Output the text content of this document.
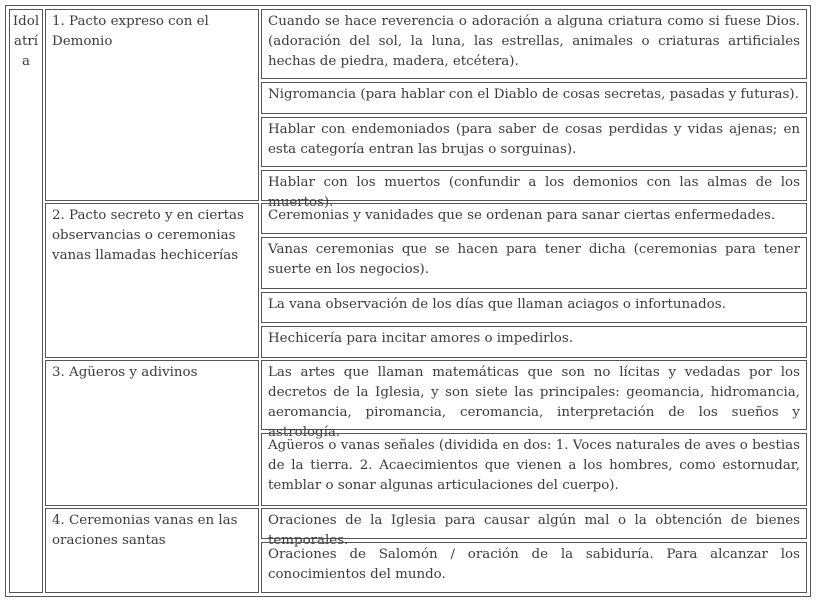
Idolatría
1. Pacto expreso con el Demonio
2. Pacto secreto y en ciertas observancias o ceremonias vanas llamadas hechicerías
3. Agüeros y adivinos
4. Ceremonias vanas en las oraciones santas
Cuando se hace reverencia o adoración a alguna criatura como si fuese Dios. (adoración del sol, la luna, las estrellas, animales o criaturas artificiales hechas de piedra, madera, etcétera).
Nigromancia (para hablar con el Diablo de cosas secretas, pasadas y futuras).
Hablar con endemoniados (para saber de cosas perdidas y vidas ajenas; en esta categoría entran las brujas o sorguinas).
Hablar con los muertos (confundir a los demonios con las almas de los muertos).
Ceremonias y vanidades que se ordenan para sanar ciertas enfermedades.
Vanas ceremonias que se hacen para tener dicha (ceremonias para tener suerte en los negocios).
La vana observación de los días que llaman aciagos o infortunados.
Hechicería para incitar amores o impedirlos.
Las artes que llaman matemáticas que son no lícitas y vedadas por los decretos de la Iglesia, y son siete las principales: geomancia, hidromancia, aeromancia, piromancia, ceromancia, interpretación de los sueños y astrología.
Agüeros o vanas señales (dividida en dos: 1. Voces naturales de aves o bestias de la tierra. 2. Acaecimientos que vienen a los hombres, como estornudar, temblar o sonar algunas articulaciones del cuerpo).
Oraciones de la Iglesia para causar algún mal o la obtención de bienes temporales.
Oraciones de Salomón / oración de la sabiduría. Para alcanzar los conocimientos del mundo.
